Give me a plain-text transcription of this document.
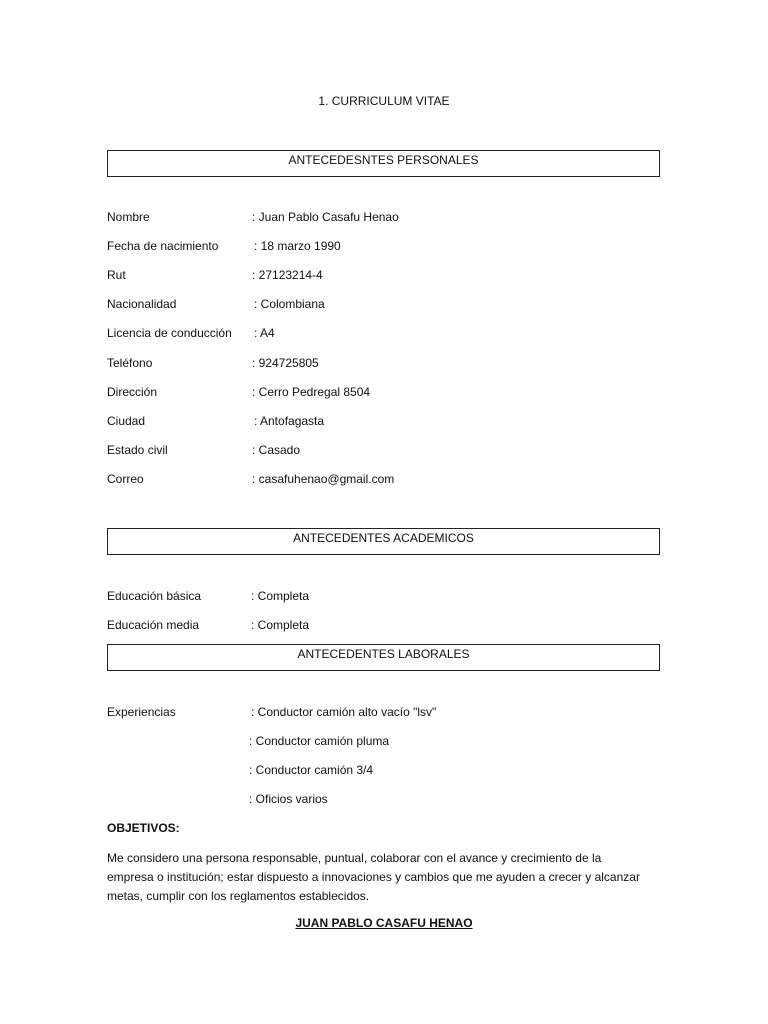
1. CURRICULUM VITAE
ANTECEDESNTES PERSONALES
Nombre	: Juan Pablo Casafu Henao
Fecha de nacimiento	: 18 marzo 1990
Rut	: 27123214-4
Nacionalidad	: Colombiana
Licencia de conducción : A4
Teléfono	: 924725805
Dirección	: Cerro Pedregal 8504
Ciudad	: Antofagasta
Estado civil	: Casado
Correo	: casafuhenao@gmail.com
ANTECEDENTES ACADEMICOS
Educación básica	: Completa
Educación media	: Completa
ANTECEDENTES LABORALES
Experiencias	: Conductor camión alto vacío "lsv"
: Conductor camión pluma
: Conductor camión 3/4
: Oficios varios
OBJETIVOS:
Me considero una persona responsable, puntual, colaborar con el avance y crecimiento de la empresa o institución; estar dispuesto a innovaciones y cambios que me ayuden a crecer y alcanzar metas, cumplir con los reglamentos establecidos.
JUAN PABLO CASAFU HENAO
